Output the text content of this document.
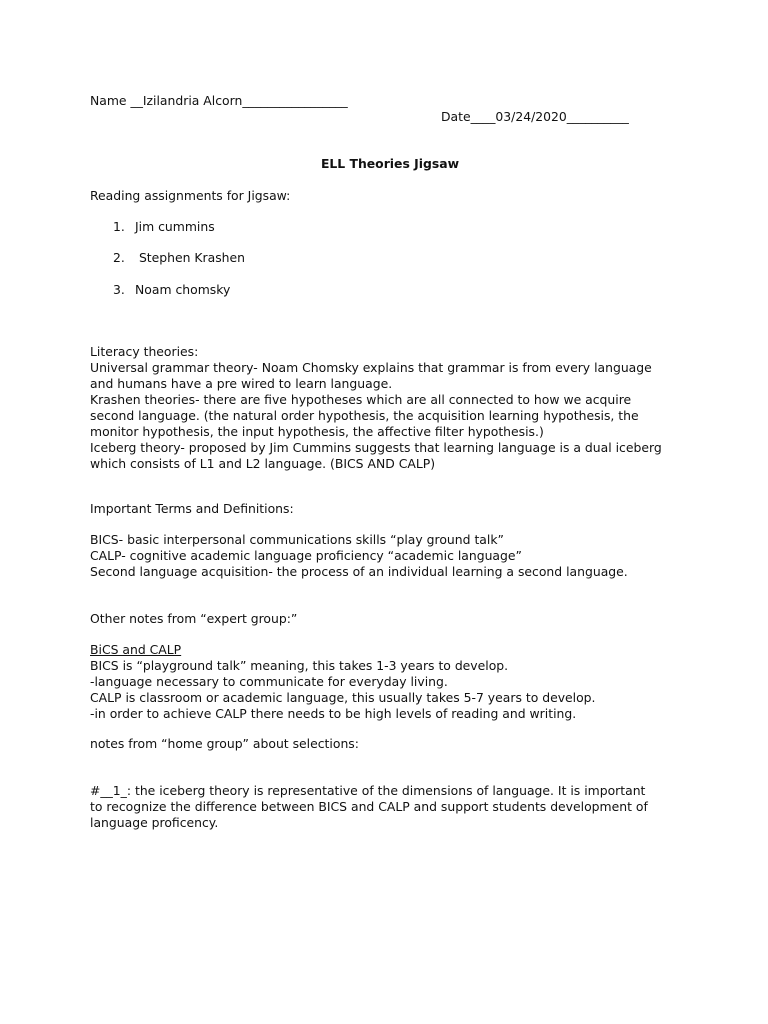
Name __Izilandria Alcorn_________________
Date____03/24/2020__________
ELL Theories Jigsaw
Reading assignments for Jigsaw:
1. Jim cummins
2. Stephen Krashen
3. Noam chomsky

Literacy theories:

Universal grammar theory- Noam Chomsky explains that grammar is from every language

and humans have a pre wired to learn language.

Krashen theories- there are five hypotheses which are all connected to how we acquire

second language. (the natural order hypothesis, the acquisition learning hypothesis, the

monitor hypothesis, the input hypothesis, the affective filter hypothesis.)

Iceberg theory- proposed by Jim Cummins suggests that learning language is a dual iceberg

which consists of L1 and L2 language. (BICS AND CALP)

Important Terms and Definitions:

BICS- basic interpersonal communications skills “play ground talk”

CALP- cognitive academic language proficiency “academic language”

Second language acquisition- the process of an individual learning a second language.

Other notes from “expert group:”

BiCS and CALP

BICS is “playground talk” meaning, this takes 1-3 years to develop.

-language necessary to communicate for everyday living.

CALP is classroom or academic language, this usually takes 5-7 years to develop.

-in order to achieve CALP there needs to be high levels of reading and writing.

notes from “home group” about selections:

#__1_: the iceberg theory is representative of the dimensions of language. It is important

to recognize the difference between BICS and CALP and support students development of

language proficency.
